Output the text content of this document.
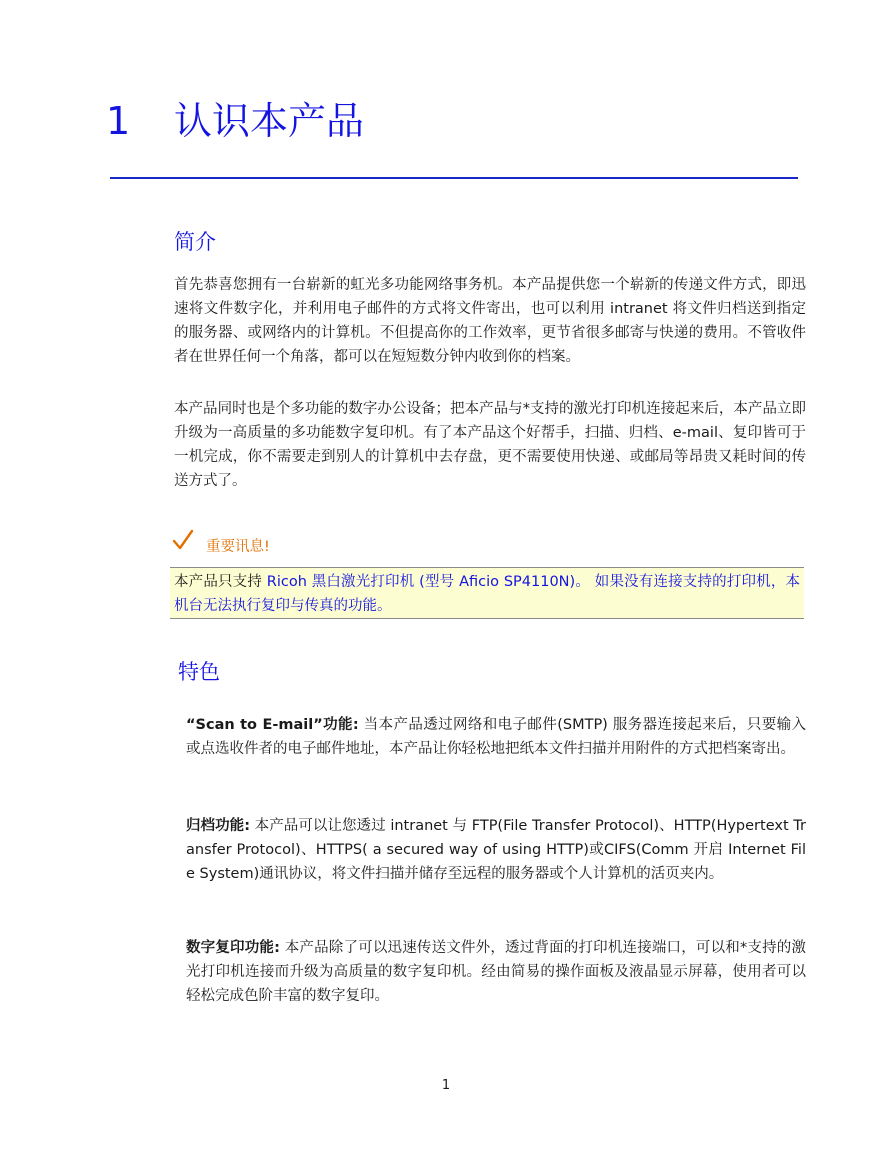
1 认识本产品
简介
首先恭喜您拥有一台崭新的虹光多功能网络事务机。本产品提供您一个崭新的传递文件方式，即迅速将文件数字化，并利用电子邮件的方式将文件寄出，也可以利用 intranet 将文件归档送到指定的服务器、或网络内的计算机。不但提高你的工作效率，更节省很多邮寄与快递的费用。不管收件者在世界任何一个角落，都可以在短短数分钟内收到你的档案。
本产品同时也是个多功能的数字办公设备；把本产品与*支持的激光打印机连接起来后，本产品立即升级为一高质量的多功能数字复印机。有了本产品这个好帮手，扫描、归档、e-mail、复印皆可于一机完成，你不需要走到别人的计算机中去存盘，更不需要使用快递、或邮局等昂贵又耗时间的传送方式了。
重要讯息!
本产品只支持 Ricoh 黑白激光打印机 (型号 Aficio SP4110N)。 如果没有连接支持的打印机，本机台无法执行复印与传真的功能。
特色
“Scan to E-mail”功能: 当本产品透过网络和电子邮件(SMTP) 服务器连接起来后，只要输入或点选收件者的电子邮件地址，本产品让你轻松地把纸本文件扫描并用附件的方式把档案寄出。
归档功能: 本产品可以让您透过 intranet 与 FTP(File Transfer Protocol)、HTTP(Hypertext Transfer Protocol)、HTTPS( a secured way of using HTTP)或CIFS(Comm 开启 Internet File System)通讯协议，将文件扫描并储存至远程的服务器或个人计算机的活页夹内。
数字复印功能: 本产品除了可以迅速传送文件外，透过背面的打印机连接端口，可以和*支持的激光打印机连接而升级为高质量的数字复印机。经由简易的操作面板及液晶显示屏幕，使用者可以轻松完成色阶丰富的数字复印。
1
